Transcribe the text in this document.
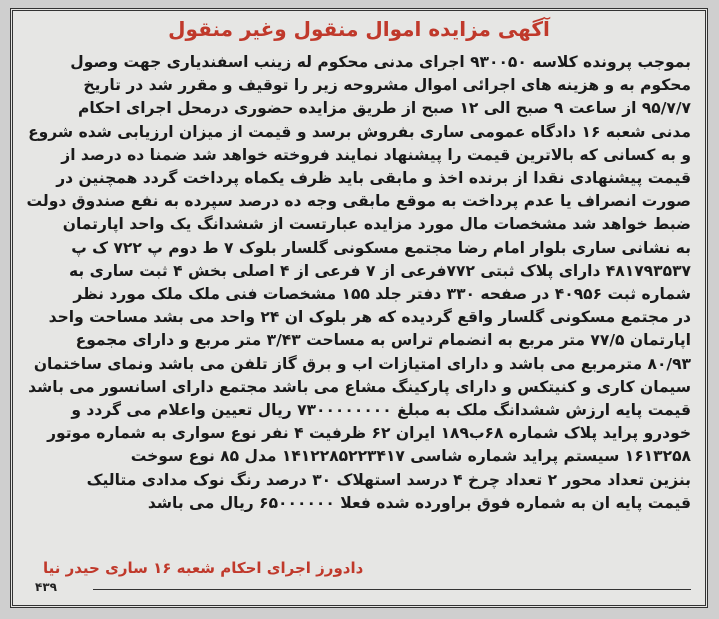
آگهی مزایده اموال منقول وغیر منقول
بموجب پرونده کلاسه ۹۳۰۰۵۰ اجرای مدنی محکوم له زینب اسفندیاری جهت وصول
محکوم به و هزینه های اجرائی اموال مشروحه زیر را توقیف و مقرر شد در تاریخ
۹۵/۷/۷ از ساعت ۹ صبح الی ۱۲ صبح از طریق مزایده حضوری درمحل اجرای احکام
مدنی شعبه ۱۶ دادگاه عمومی ساری بفروش برسد و قیمت از میزان ارزیابی شده شروع
و به کسانی که بالاترین قیمت را پیشنهاد نمایند فروخته خواهد شد ضمنا ده درصد از
قیمت پیشنهادی نقدا از برنده اخذ و مابقی باید ظرف یکماه پرداخت گردد همچنین در
صورت انصراف یا عدم پرداخت به موقع مابقی وجه ده درصد سپرده به نفع صندوق دولت
ضبط خواهد شد مشخصات مال مورد مزایده عبارتست از ششدانگ یک واحد اپارتمان
به نشانی ساری بلوار امام رضا مجتمع مسکونی گلسار بلوک ۷ ط دوم پ ۷۲۲ ک پ
۴۸۱۷۹۳۵۳۷ دارای پلاک ثبتی ۷۷۲فرعی از ۷ فرعی از ۴ اصلی بخش ۴ ثبت ساری به
شماره ثبت ۴۰۹۵۶ در صفحه ۳۳۰ دفتر جلد ۱۵۵ مشخصات فنی ملک ملک مورد نظر
در مجتمع مسکونی گلسار واقع گردیده که هر بلوک ان ۲۴ واحد می بشد مساحت واحد
اپارتمان ۷۷/۵ متر مربع به انضمام تراس به مساحت ۳/۴۳ متر مربع و دارای مجموع
۸۰/۹۳ مترمربع می باشد و دارای امتیازات اب و برق گاز تلفن می باشد ونمای ساختمان
سیمان کاری و کنیتکس و دارای پارکینگ مشاع می باشد مجتمع دارای اسانسور می باشد
قیمت پایه ارزش ششدانگ ملک به مبلغ ۷۳۰۰۰۰۰۰۰۰ ریال تعیین واعلام می گردد و
خودرو پراید پلاک شماره ۶۸ب۱۸۹ ایران ۶۲ ظرفیت ۴ نفر نوع سواری به شماره موتور
۱۶۱۳۲۵۸ سیستم پراید شماره شاسی ۱۴۱۲۲۸۵۲۲۳۴۱۷ مدل ۸۵ نوع سوخت
بنزین تعداد محور ۲ تعداد چرخ ۴ درسد استهلاک ۳۰ درصد رنگ نوک مدادی متالیک
قیمت پایه ان به شماره فوق براورده شده فعلا ۶۵۰۰۰۰۰۰ ریال می باشد
دادورز اجرای احکام شعبه ۱۶ ساری حیدر نیا
۴۳۹
